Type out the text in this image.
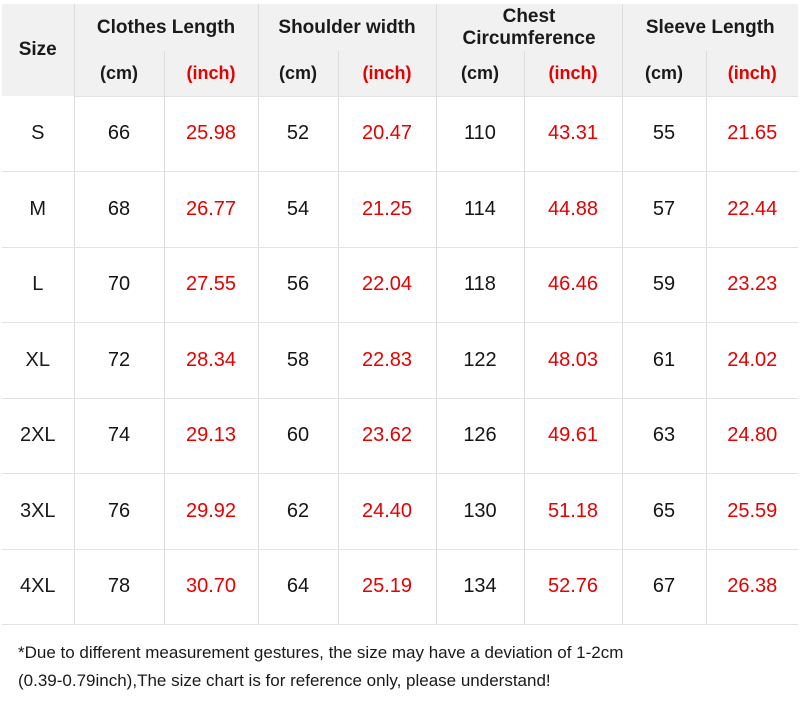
Size	Clothes Length		Shoulder width		Chest Circumference		Sleeve Length	
	(cm)	(inch)	(cm)	(inch)	(cm)	(inch)	(cm)	(inch)
S	66	25.98	52	20.47	110	43.31	55	21.65
M	68	26.77	54	21.25	114	44.88	57	22.44
L	70	27.55	56	22.04	118	46.46	59	23.23
XL	72	28.34	58	22.83	122	48.03	61	24.02
2XL	74	29.13	60	23.62	126	49.61	63	24.80
3XL	76	29.92	62	24.40	130	51.18	65	25.59
4XL	78	30.70	64	25.19	134	52.76	67	26.38
*Due to different measurement gestures, the size may have a deviation of 1-2cm
(0.39-0.79inch),The size chart is for reference only, please understand!
